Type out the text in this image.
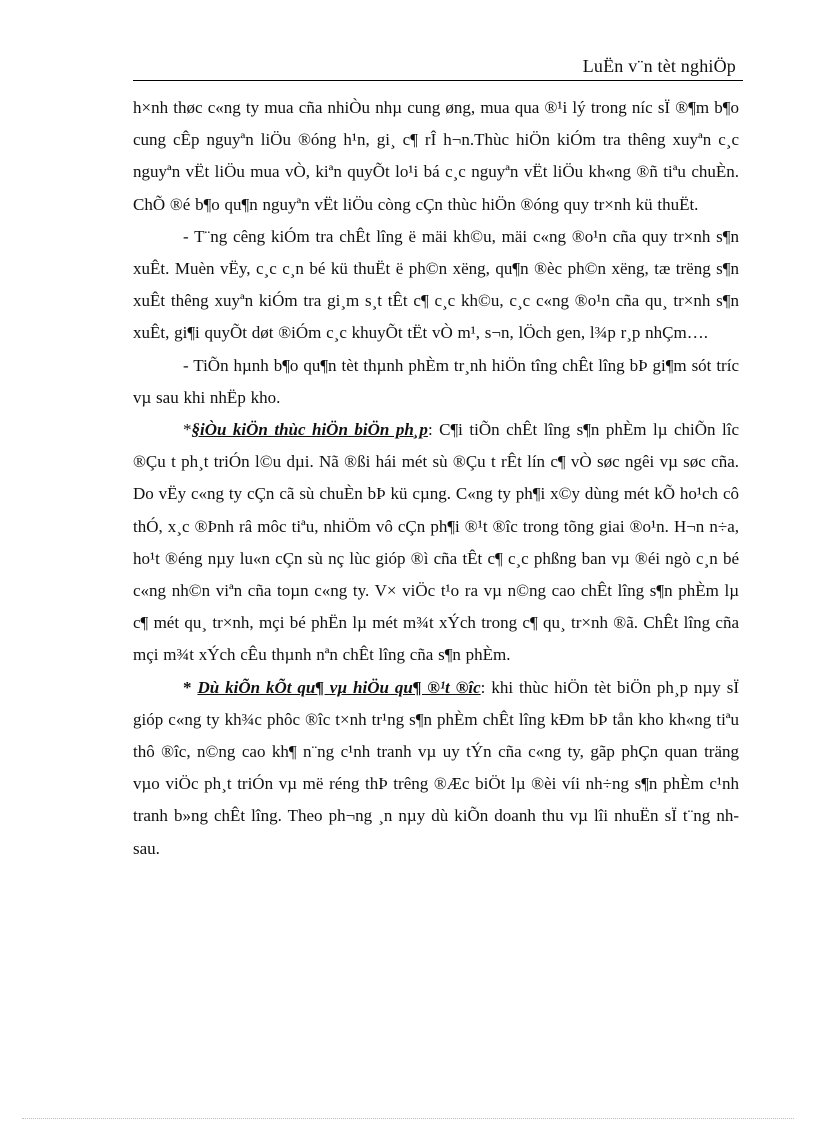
LuËn v¨n tèt nghiÖp

h×nh thøc c«ng ty mua cña nhiÒu nhµ cung øng, mua qua ®¹i lý trong níc sÏ ®¶m b¶o cung cÊp nguyªn liÖu ®óng h¹n, gi¸ c¶ rÎ h¬n.Thùc hiÖn kiÓm tra thêng xuyªn c¸c nguyªn vËt liÖu mua vÒ, kiªn quyÕt lo¹i bá c¸c nguyªn vËt liÖu kh«ng ®ñ tiªu chuÈn. ChÕ ®é b¶o qu¶n nguyªn vËt liÖu còng cÇn thùc hiÖn ®óng quy tr×nh kü thuËt.

- T¨ng cêng kiÓm tra chÊt lîng ë mäi kh©u, mäi c«ng ®o¹n cña quy tr×nh s¶n xuÊt. Muèn vËy, c¸c c¸n bé kü thuËt ë ph©n xëng, qu¶n ®èc ph©n xëng, tæ trëng s¶n xuÊt thêng xuyªn kiÓm tra gi¸m s¸t tÊt c¶ c¸c kh©u, c¸c c«ng ®o¹n cña qu¸ tr×nh s¶n xuÊt, gi¶i quyÕt døt ®iÓm c¸c khuyÕt tËt vÒ m¹, s¬n, lÖch gen, l¾p r¸p nhÇm….

- TiÕn hµnh b¶o qu¶n tèt thµnh phÈm tr¸nh hiÖn tîng chÊt lîng bÞ gi¶m sót tríc vµ sau khi nhËp kho.

*§iÒu kiÖn thùc hiÖn biÖn ph¸p: C¶i tiÕn chÊt lîng s¶n phÈm lµ chiÕn lîc ®Çu t ph¸t triÓn l©u dµi. Nã ®ßi hái mét sù ®Çu t rÊt lín c¶ vÒ søc ngêi vµ søc cña. Do vËy c«ng ty cÇn cã sù chuÈn bÞ kü cµng. C«ng ty ph¶i x©y dùng mét kÕ ho¹ch cô thÓ, x¸c ®Þnh râ môc tiªu, nhiÖm vô cÇn ph¶i ®¹t ®îc trong tõng giai ®o¹n. H¬n n÷a, ho¹t ®éng nµy lu«n cÇn sù nç lùc gióp ®ì cña tÊt c¶ c¸c phßng ban vµ ®éi ngò c¸n bé c«ng nh©n viªn cña toµn c«ng ty. V× viÖc t¹o ra vµ n©ng cao chÊt lîng s¶n phÈm lµ c¶ mét qu¸ tr×nh, mçi bé phËn lµ mét m¾t xÝch trong c¶ qu¸ tr×nh ®ã. ChÊt lîng cña mçi m¾t xÝch cÊu thµnh nªn chÊt lîng cña s¶n phÈm.

* Dù kiÕn kÕt qu¶ vµ hiÖu qu¶ ®¹t ®îc: khi thùc hiÖn tèt biÖn ph¸p nµy sÏ gióp c«ng ty kh¾c phôc ®îc t×nh tr¹ng s¶n phÈm chÊt lîng kÐm bÞ tån kho kh«ng tiªu thô ®îc, n©ng cao kh¶ n¨ng c¹nh tranh vµ uy tÝn cña c«ng ty, gãp phÇn quan träng vµo viÖc ph¸t triÓn vµ më réng thÞ trêng ®Æc biÖt lµ ®èi víi nh÷ng s¶n phÈm c¹nh tranh b»ng chÊt lîng. Theo ph¬ng ¸n nµy dù kiÕn doanh thu vµ lîi nhuËn sÏ t¨ng nh sau.
